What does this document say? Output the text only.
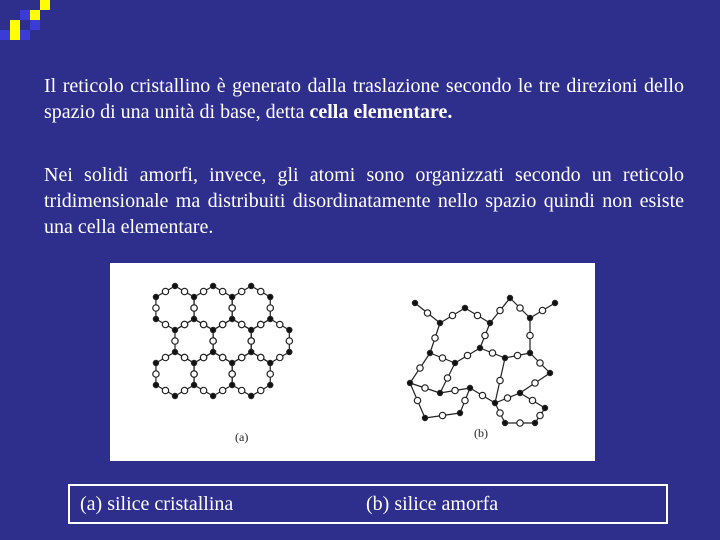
Il reticolo cristallino è generato dalla traslazione secondo le tre direzioni dello spazio di una unità di base, detta cella elementare.

Nei solidi amorfi, invece, gli atomi sono organizzati secondo un reticolo tridimensionale ma distribuiti disordinatamente nello spazio quindi non esiste una cella elementare.

(a)	(b)
(a) silice cristallina	(b) silice amorfa
